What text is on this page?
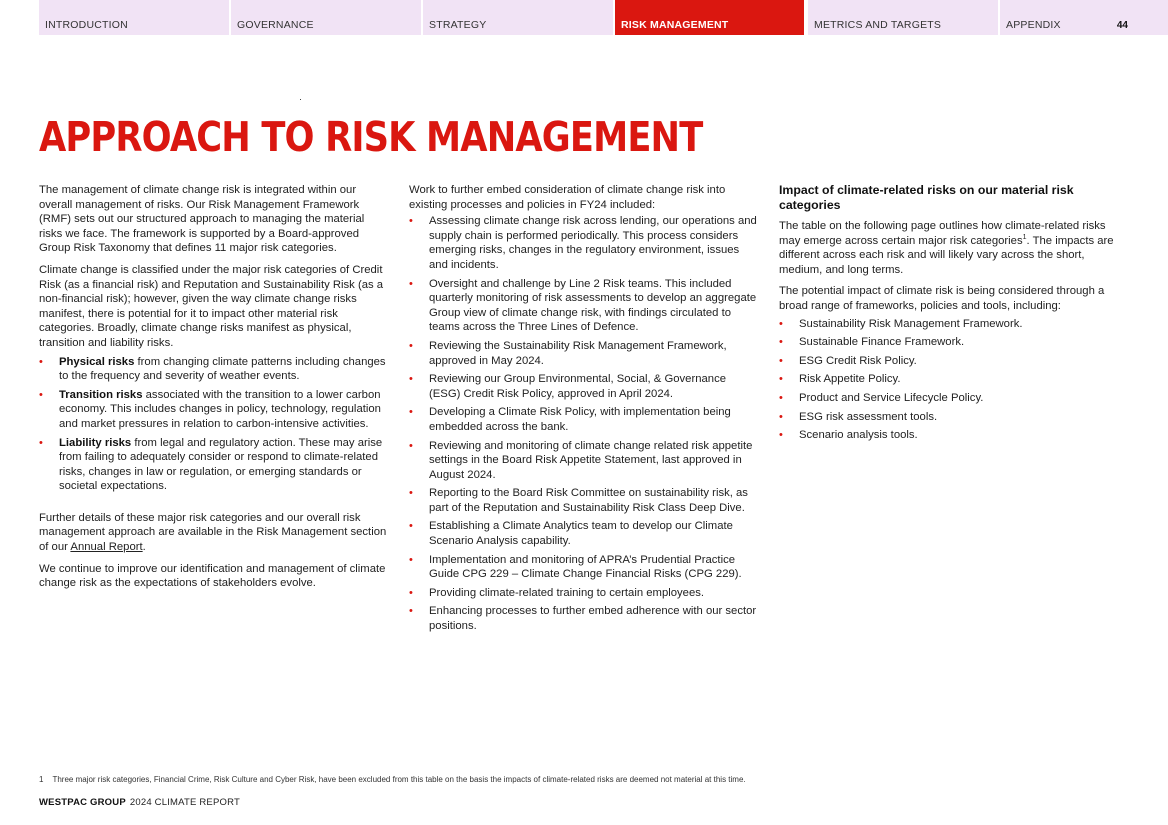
INTRODUCTION	GOVERNANCE	STRATEGY	RISK MANAGEMENT	METRICS AND TARGETS	APPENDIX	44
APPROACH TO RISK MANAGEMENT

The management of climate change risk is integrated within our overall management of risks. Our Risk Management Framework (RMF) sets out our structured approach to managing the material risks we face. The framework is supported by a Board-approved Group Risk Taxonomy that defines 11 major risk categories.

Climate change is classified under the major risk categories of Credit Risk (as a financial risk) and Reputation and Sustainability Risk (as a non-financial risk); however, given the way climate change risks manifest, there is potential for it to impact other material risk categories. Broadly, climate change risks manifest as physical, transition and liability risks.

• Physical risks from changing climate patterns including changes to the frequency and severity of weather events.
• Transition risks associated with the transition to a lower carbon economy. This includes changes in policy, technology, regulation and market pressures in relation to carbon-intensive activities.
• Liability risks from legal and regulatory action. These may arise from failing to adequately consider or respond to climate-related risks, changes in law or regulation, or emerging standards or societal expectations.

Further details of these major risk categories and our overall risk management approach are available in the Risk Management section of our Annual Report.

We continue to improve our identification and management of climate change risk as the expectations of stakeholders evolve.

Work to further embed consideration of climate change risk into existing processes and policies in FY24 included:

• Assessing climate change risk across lending, our operations and supply chain is performed periodically. This process considers emerging risks, changes in the regulatory environment, issues and incidents.
• Oversight and challenge by Line 2 Risk teams. This included quarterly monitoring of risk assessments to develop an aggregate Group view of climate change risk, with findings circulated to teams across the Three Lines of Defence.
• Reviewing the Sustainability Risk Management Framework, approved in May 2024.
• Reviewing our Group Environmental, Social, & Governance (ESG) Credit Risk Policy, approved in April 2024.
• Developing a Climate Risk Policy, with implementation being embedded across the bank.
• Reviewing and monitoring of climate change related risk appetite settings in the Board Risk Appetite Statement, last approved in August 2024.
• Reporting to the Board Risk Committee on sustainability risk, as part of the Reputation and Sustainability Risk Class Deep Dive.
• Establishing a Climate Analytics team to develop our Climate Scenario Analysis capability.
• Implementation and monitoring of APRA’s Prudential Practice Guide CPG 229 – Climate Change Financial Risks (CPG 229).
• Providing climate-related training to certain employees.
• Enhancing processes to further embed adherence with our sector positions.
Impact of climate-related risks on our material risk categories

The table on the following page outlines how climate-related risks may emerge across certain major risk categories$^1$. The impacts are different across each risk and will likely vary across the short, medium, and long terms.

The potential impact of climate risk is being considered through a broad range of frameworks, policies and tools, including:

• Sustainability Risk Management Framework.
• Sustainable Finance Framework.
• ESG Credit Risk Policy.
• Risk Appetite Policy.
• Product and Service Lifecycle Policy.
• ESG risk assessment tools.
• Scenario analysis tools.
1 Three major risk categories, Financial Crime, Risk Culture and Cyber Risk, have been excluded from this table on the basis the impacts of climate-related risks are deemed not material at this time.
WESTPAC GROUP 2024 CLIMATE REPORT
